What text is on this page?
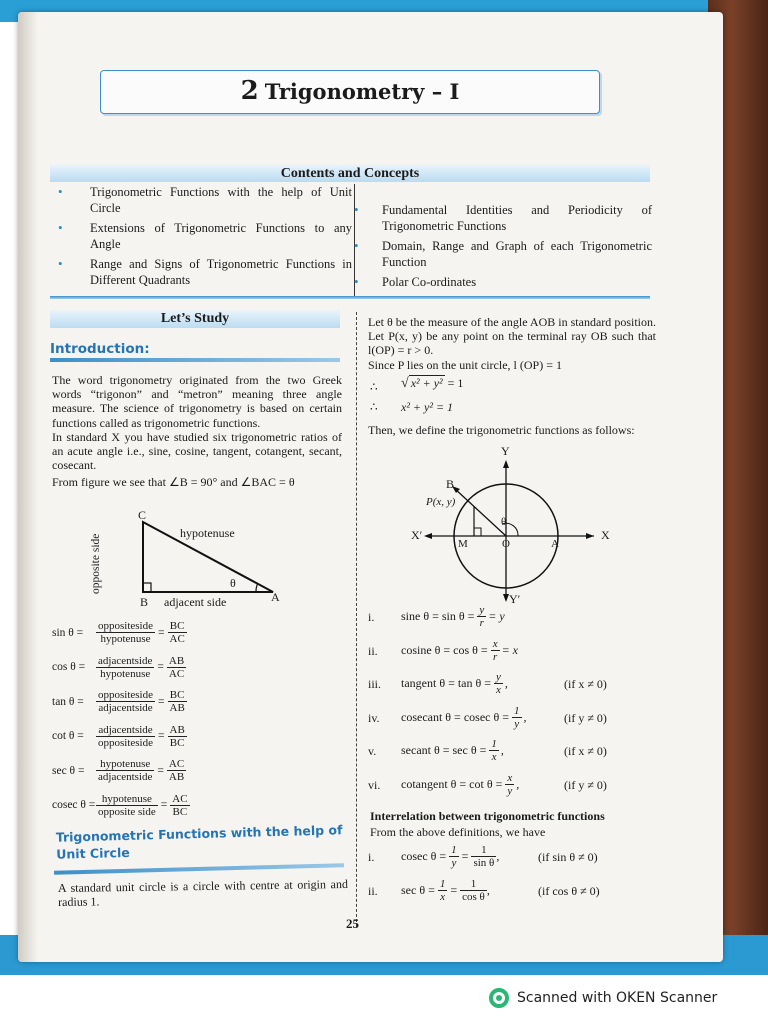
2 Trigonometry – I
Contents and Concepts
• Trigonometric Functions with the help of Unit Circle
• Extensions of Trigonometric Functions to any Angle
• Range and Signs of Trigonometric Functions in Different Quadrants
• Fundamental Identities and Periodicity of Trigonometric Functions
• Domain, Range and Graph of each Trigonometric Function
• Polar Co-ordinates
Let’s Study
Introduction:
The word trigonometry originated from the two Greek words “trigonon” and “metron” meaning three angle measure. The science of trigonometry is based on certain functions called as trigonometric functions.
In standard X you have studied six trigonometric ratios of an acute angle i.e., sine, cosine, tangent, cotangent, secant, cosecant.
From figure we see that ∠B = 90° and ∠BAC = θ
C
B	A
hypotenuse
adjacent side
opposite side	θ
$\sin \theta = \frac{\text{oppositeside}}{\text{hypotenuse}} = \frac{BC}{AC}$
$\cos \theta = \frac{\text{adjacentside}}{\text{hypotenuse}} = \frac{AB}{AC}$
$\tan \theta = \frac{\text{oppositeside}}{\text{adjacentside}} = \frac{BC}{AB}$
$\cot \theta = \frac{\text{adjacentside}}{\text{oppositeside}} = \frac{AB}{BC}$
$\sec \theta = \frac{\text{hypotenuse}}{\text{adjacentside}} = \frac{AC}{AB}$
cosec $\theta = \frac{\text{hypotenuse}}{\text{opposite side}} = \frac{AC}{BC}$
Trigonometric Functions with the help of Unit Circle
A standard unit circle is a circle with centre at origin and radius 1.
Let θ be the measure of the angle AOB in standard position. Let P(x, y) be any point on the terminal ray OB such that l(OP) = r > 0.
Since P lies on the unit circle, l (OP) = 1
∴ √ x² + y² = 1
∴ x² + y² = 1
Then, we define the trigonometric functions as follows:
Y
Y′
X
X′
B
P(x, y)
M	O	A
θ
i.	sine $\theta = \sin \theta = \frac{y}{r} = y$
ii.	cosine $\theta = \cos \theta = \frac{x}{r} = x$
iii.	tangent $\theta = \tan \theta = \frac{y}{x}$ ,	(if x ≠ 0)
iv.	cosecant θ = cosec $\theta = \frac{1}{y}$ ,	(if y ≠ 0)
v.	secant $\theta = \sec \theta = \frac{1}{x}$ ,	(if x ≠ 0)
vi.	cotangent $\theta = \cot \theta = \frac{x}{y}$ ,	(if y ≠ 0)
Interrelation between trigonometric functions
From the above definitions, we have
i.	cosec $\theta = \frac{1}{y} = \frac{1}{\text{sin θ}}$ ,	(if sin θ ≠ 0)
ii.	$\sec \theta = \frac{1}{x} = \frac{1}{\text{cos θ}}$ ,	(if cos θ ≠ 0)
25
Scanned with OKEN Scanner
